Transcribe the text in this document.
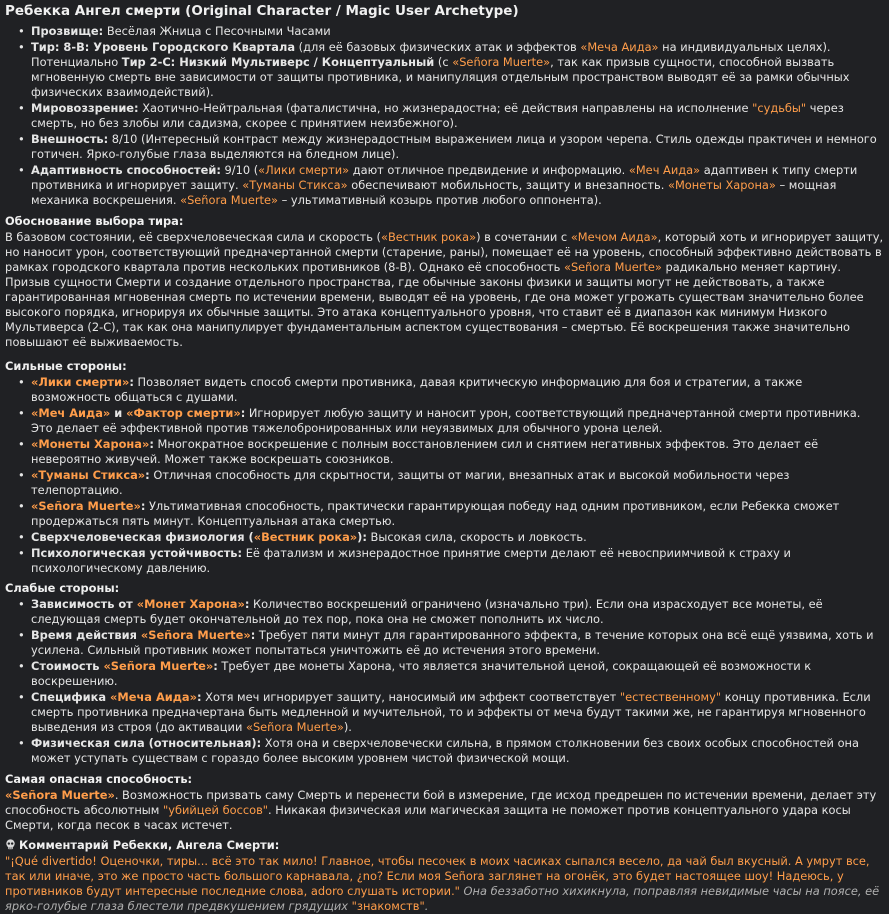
Ребекка Ангел смерти (Original Character / Magic User Archetype)
• Прозвище: Весёлая Жница с Песочными Часами
• Тир: 8-B: Уровень Городского Квартала (для её базовых физических атак и эффектов «Меча Аида» на индивидуальных целях). Потенциально Тир 2-C: Низкий Мультиверс / Концептуальный (с «Señora Muerte», так как призыв сущности, способной вызвать мгновенную смерть вне зависимости от защиты противника, и манипуляция отдельным пространством выводят её за рамки обычных физических взаимодействий).
• Мировоззрение: Хаотично-Нейтральная (фаталистична, но жизнерадостна; её действия направлены на исполнение "судьбы" через смерть, но без злобы или садизма, скорее с принятием неизбежного).
• Внешность: 8/10 (Интересный контраст между жизнерадостным выражением лица и узором черепа. Стиль одежды практичен и немного готичен. Ярко-голубые глаза выделяются на бледном лице).
• Адаптивность способностей: 9/10 («Лики смерти» дают отличное предвидение и информацию. «Меч Аида» адаптивен к типу смерти противника и игнорирует защиту. «Туманы Стикса» обеспечивают мобильность, защиту и внезапность. «Монеты Харона» – мощная механика воскрешения. «Señora Muerte» – ультимативный козырь против любого оппонента).
Обоснование выбора тира:

В базовом состоянии, её сверхчеловеческая сила и скорость («Вестник рока») в сочетании с «Мечом Аида», который хоть и игнорирует защиту, но наносит урон, соответствующий предначертанной смерти (старение, раны), помещает её на уровень, способный эффективно действовать в рамках городского квартала против нескольких противников (8-B). Однако её способность «Señora Muerte» радикально меняет картину. Призыв сущности Смерти и создание отдельного пространства, где обычные законы физики и защиты могут не действовать, а также гарантированная мгновенная смерть по истечении времени, выводят её на уровень, где она может угрожать существам значительно более высокого порядка, игнорируя их обычные защиты. Это атака концептуального уровня, что ставит её в диапазон как минимум Низкого Мультиверса (2-C), так как она манипулирует фундаментальным аспектом существования – смертью. Её воскрешения также значительно повышают её выживаемость.

Сильные стороны:
• «Лики смерти»: Позволяет видеть способ смерти противника, давая критическую информацию для боя и стратегии, а также возможность общаться с душами.
• «Меч Аида» и «Фактор смерти»: Игнорирует любую защиту и наносит урон, соответствующий предначертанной смерти противника. Это делает её эффективной против тяжелобронированных или неуязвимых для обычного урона целей.
• «Монеты Харона»: Многократное воскрешение с полным восстановлением сил и снятием негативных эффектов. Это делает её невероятно живучей. Может также воскрешать союзников.
• «Туманы Стикса»: Отличная способность для скрытности, защиты от магии, внезапных атак и высокой мобильности через телепортацию.
• «Señora Muerte»: Ультимативная способность, практически гарантирующая победу над одним противником, если Ребекка сможет продержаться пять минут. Концептуальная атака смертью.
• Сверхчеловеческая физиология («Вестник рока»): Высокая сила, скорость и ловкость.
• Психологическая устойчивость: Её фатализм и жизнерадостное принятие смерти делают её невосприимчивой к страху и психологическому давлению.
Слабые стороны:
• Зависимость от «Монет Харона»: Количество воскрешений ограничено (изначально три). Если она израсходует все монеты, её следующая смерть будет окончательной до тех пор, пока она не сможет пополнить их число.
• Время действия «Señora Muerte»: Требует пяти минут для гарантированного эффекта, в течение которых она всё ещё уязвима, хоть и усилена. Сильный противник может попытаться уничтожить её до истечения этого времени.
• Стоимость «Señora Muerte»: Требует две монеты Харона, что является значительной ценой, сокращающей её возможности к воскрешению.
• Специфика «Меча Аида»: Хотя меч игнорирует защиту, наносимый им эффект соответствует "естественному" концу противника. Если смерть противника предначертана быть медленной и мучительной, то и эффекты от меча будут такими же, не гарантируя мгновенного выведения из строя (до активации «Señora Muerte»).
• Физическая сила (относительная): Хотя она и сверхчеловечески сильна, в прямом столкновении без своих особых способностей она может уступать существам с гораздо более высоким уровнем чистой физической мощи.
Самая опасная способность:

«Señora Muerte». Возможность призвать саму Смерть и перенести бой в измерение, где исход предрешен по истечении времени, делает эту способность абсолютным "убийцей боссов". Никакая физическая или магическая защита не поможет против концептуального удара косы Смерти, когда песок в часах истечет.

Комментарий Ребекки, Ангела Смерти:

"¡Qué divertido! Оценочки, тиры... всё это так мило! Главное, чтобы песочек в моих часиках сыпался весело, да чай был вкусный. А умрут все, так или иначе, это же просто часть большого карнавала, ¿no? Если моя Señora заглянет на огонёк, это будет настоящее шоу! Надеюсь, у противников будут интересные последние слова, adoro слушать истории." Она беззаботно хихикнула, поправляя невидимые часы на поясе, её ярко-голубые глаза блестели предвкушением грядущих "знакомств".
